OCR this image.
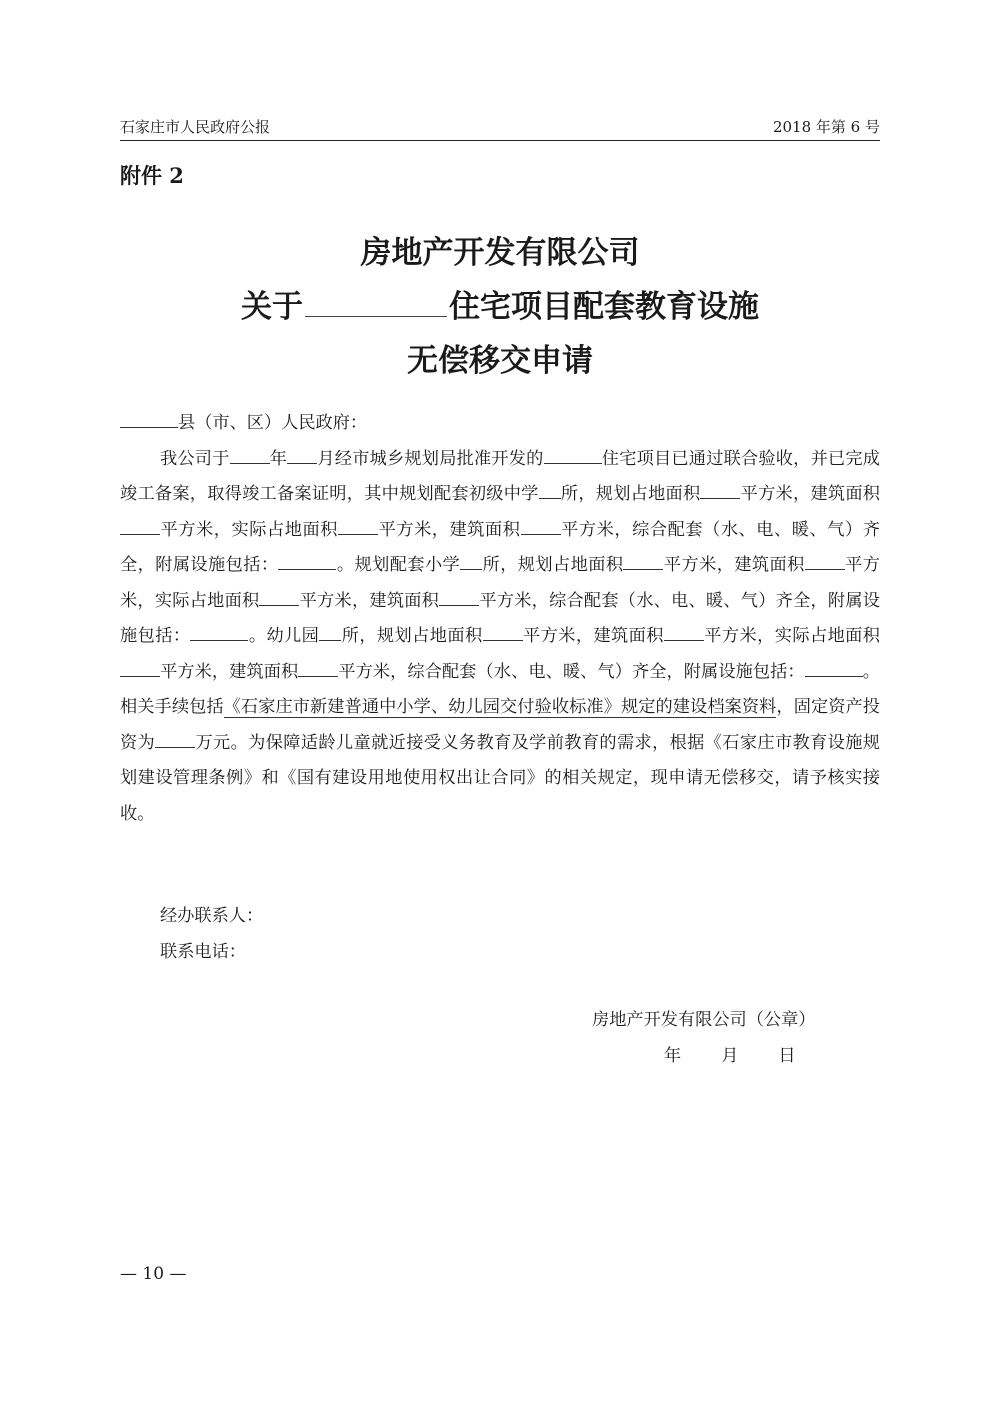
石家庄市人民政府公报	2018 年第 6 号
附件 2
房地产开发有限公司
关于	住宅项目配套教育设施
无偿移交申请

县（市、区）人民政府：

我公司于 年 月经市城乡规划局批准开发的	住宅项目已通过联合验收，并已完成竣工备案，取得竣工备案证明，其中规划配套初级中学 所，规划占地面积 平方米，建筑面积平方米，实际占地面积 平方米，建筑面积 平方米，综合配套（水、电、暖、气）齐全，附属设施包括：	。规划配套小学 所，规划占地面积 平方米，建筑面积 平方米，实际占地面积 平方米，建筑面积 平方米，综合配套（水、电、暖、气）齐全，附属设施包括：	。幼儿园 所，规划占地面积 平方米，建筑面积 平方米，实际占地面积平方米，建筑面积 平方米，综合配套（水、电、暖、气）齐全，附属设施包括：	。相关手续包括《石家庄市新建普通中小学、幼儿园交付验收标准》规定的建设档案资料，固定资产投资为 万元。为保障适龄儿童就近接受义务教育及学前教育的需求，根据《石家庄市教育设施规划建设管理条例》和《国有建设用地使用权出让合同》的相关规定，现申请无偿移交，请予核实接收。

经办联系人：
联系电话：
房地产开发有限公司（公章）
年 月 日
— 10 —
